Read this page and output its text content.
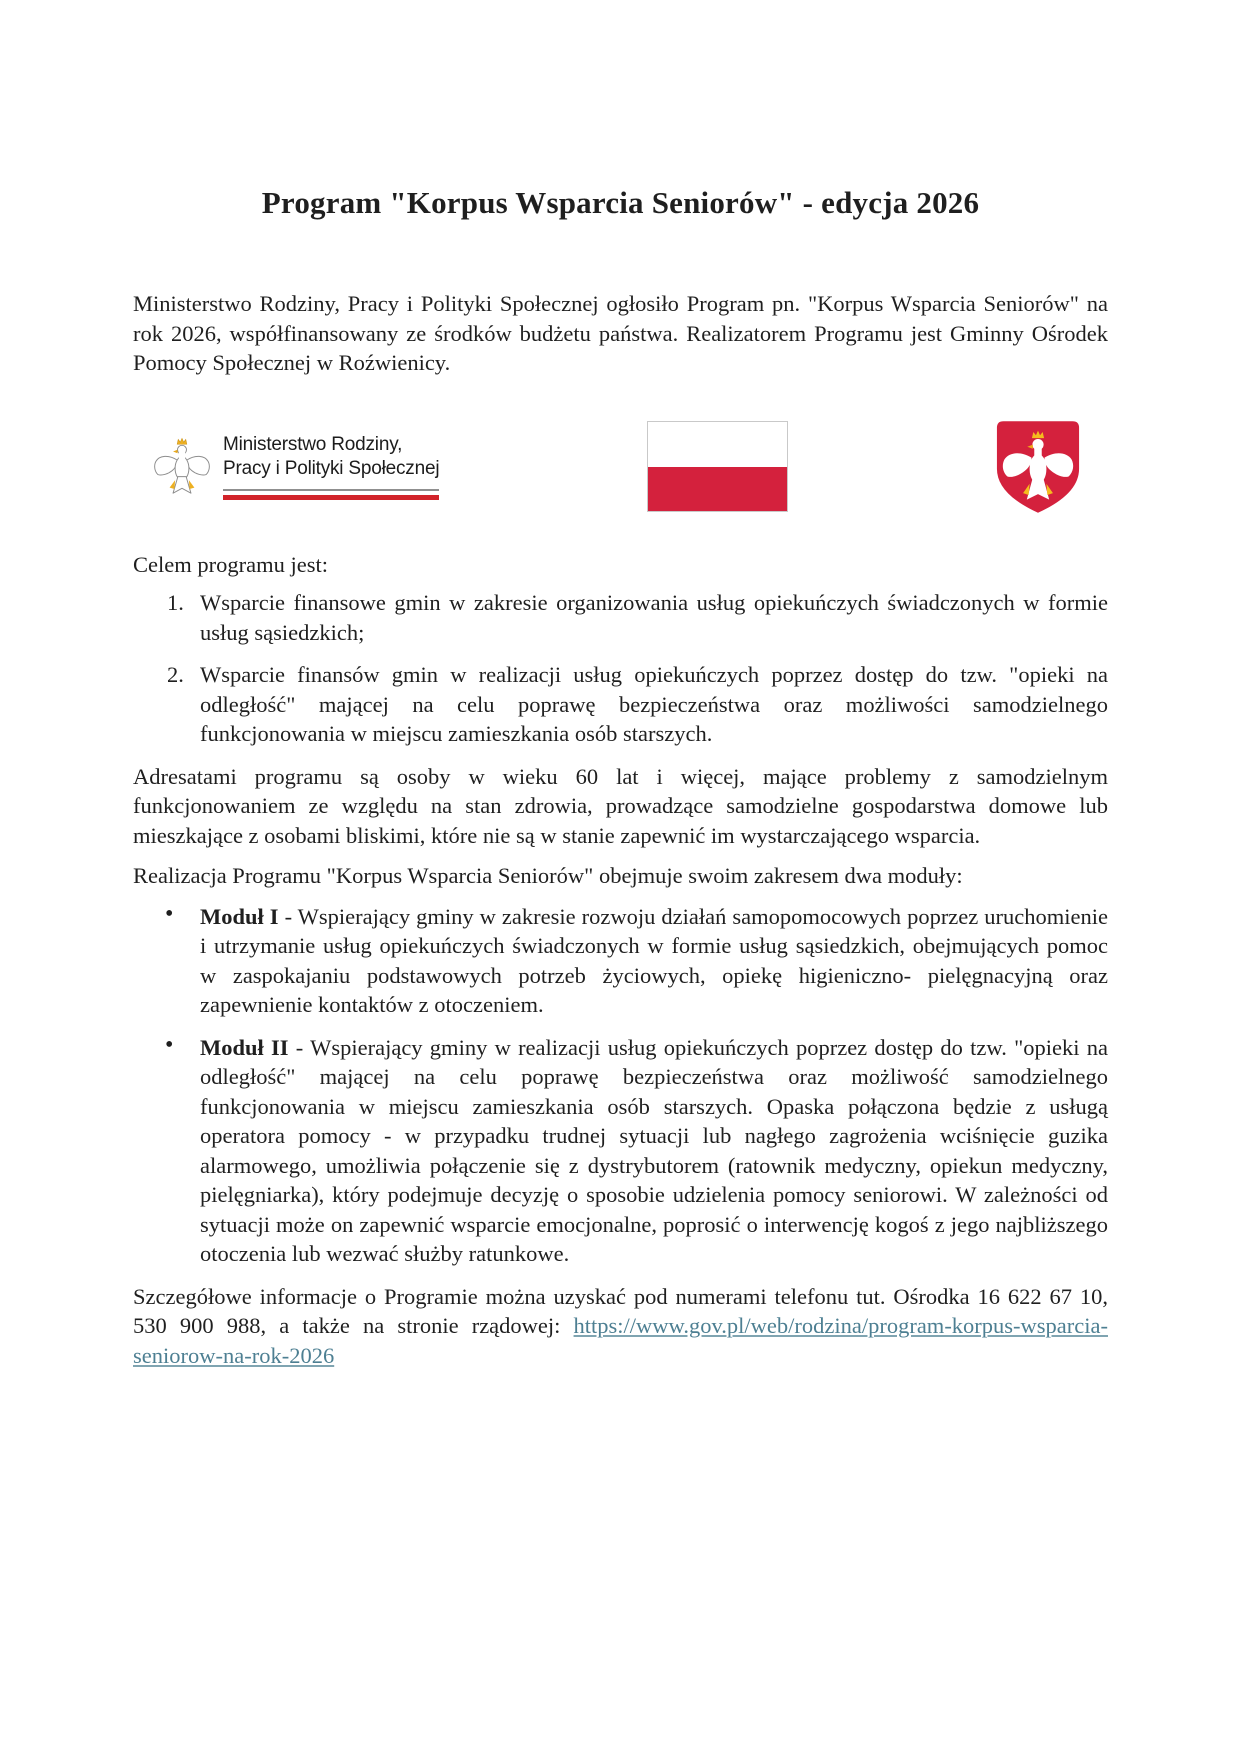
Program "Korpus Wsparcia Seniorów" - edycja 2026

Ministerstwo Rodziny, Pracy i Polityki Społecznej ogłosiło Program pn. "Korpus Wsparcia Seniorów" na rok 2026, współfinansowany ze środków budżetu państwa. Realizatorem Programu jest Gminny Ośrodek Pomocy Społecznej w Roźwienicy.

Ministerstwo Rodziny,
Pracy i Polityki Społecznej

Celem programu jest:

1. Wsparcie finansowe gmin w zakresie organizowania usług opiekuńczych świadczonych w formie usług sąsiedzkich;
2. Wsparcie finansów gmin w realizacji usług opiekuńczych poprzez dostęp do tzw. "opieki na odległość" mającej na celu poprawę bezpieczeństwa oraz możliwości samodzielnego funkcjonowania w miejscu zamieszkania osób starszych.

Adresatami programu są osoby w wieku 60 lat i więcej, mające problemy z samodzielnym funkcjonowaniem ze względu na stan zdrowia, prowadzące samodzielne gospodarstwa domowe lub mieszkające z osobami bliskimi, które nie są w stanie zapewnić im wystarczającego wsparcia.

Realizacja Programu "Korpus Wsparcia Seniorów" obejmuje swoim zakresem dwa moduły:

• Moduł I - Wspierający gminy w zakresie rozwoju działań samopomocowych poprzez uruchomienie i utrzymanie usług opiekuńczych świadczonych w formie usług sąsiedzkich, obejmujących pomoc w zaspokajaniu podstawowych potrzeb życiowych, opiekę higieniczno- pielęgnacyjną oraz zapewnienie kontaktów z otoczeniem.
• Moduł II - Wspierający gminy w realizacji usług opiekuńczych poprzez dostęp do tzw. "opieki na odległość" mającej na celu poprawę bezpieczeństwa oraz możliwość samodzielnego funkcjonowania w miejscu zamieszkania osób starszych. Opaska połączona będzie z usługą operatora pomocy - w przypadku trudnej sytuacji lub nagłego zagrożenia wciśnięcie guzika alarmowego, umożliwia połączenie się z dystrybutorem (ratownik medyczny, opiekun medyczny, pielęgniarka), który podejmuje decyzję o sposobie udzielenia pomocy seniorowi. W zależności od sytuacji może on zapewnić wsparcie emocjonalne, poprosić o interwencję kogoś z jego najbliższego otoczenia lub wezwać służby ratunkowe.

Szczegółowe informacje o Programie można uzyskać pod numerami telefonu tut. Ośrodka 16 622 67 10, 530 900 988, a także na stronie rządowej: https://www.gov.pl/web/rodzina/program-korpus-wsparcia-seniorow-na-rok-2026
